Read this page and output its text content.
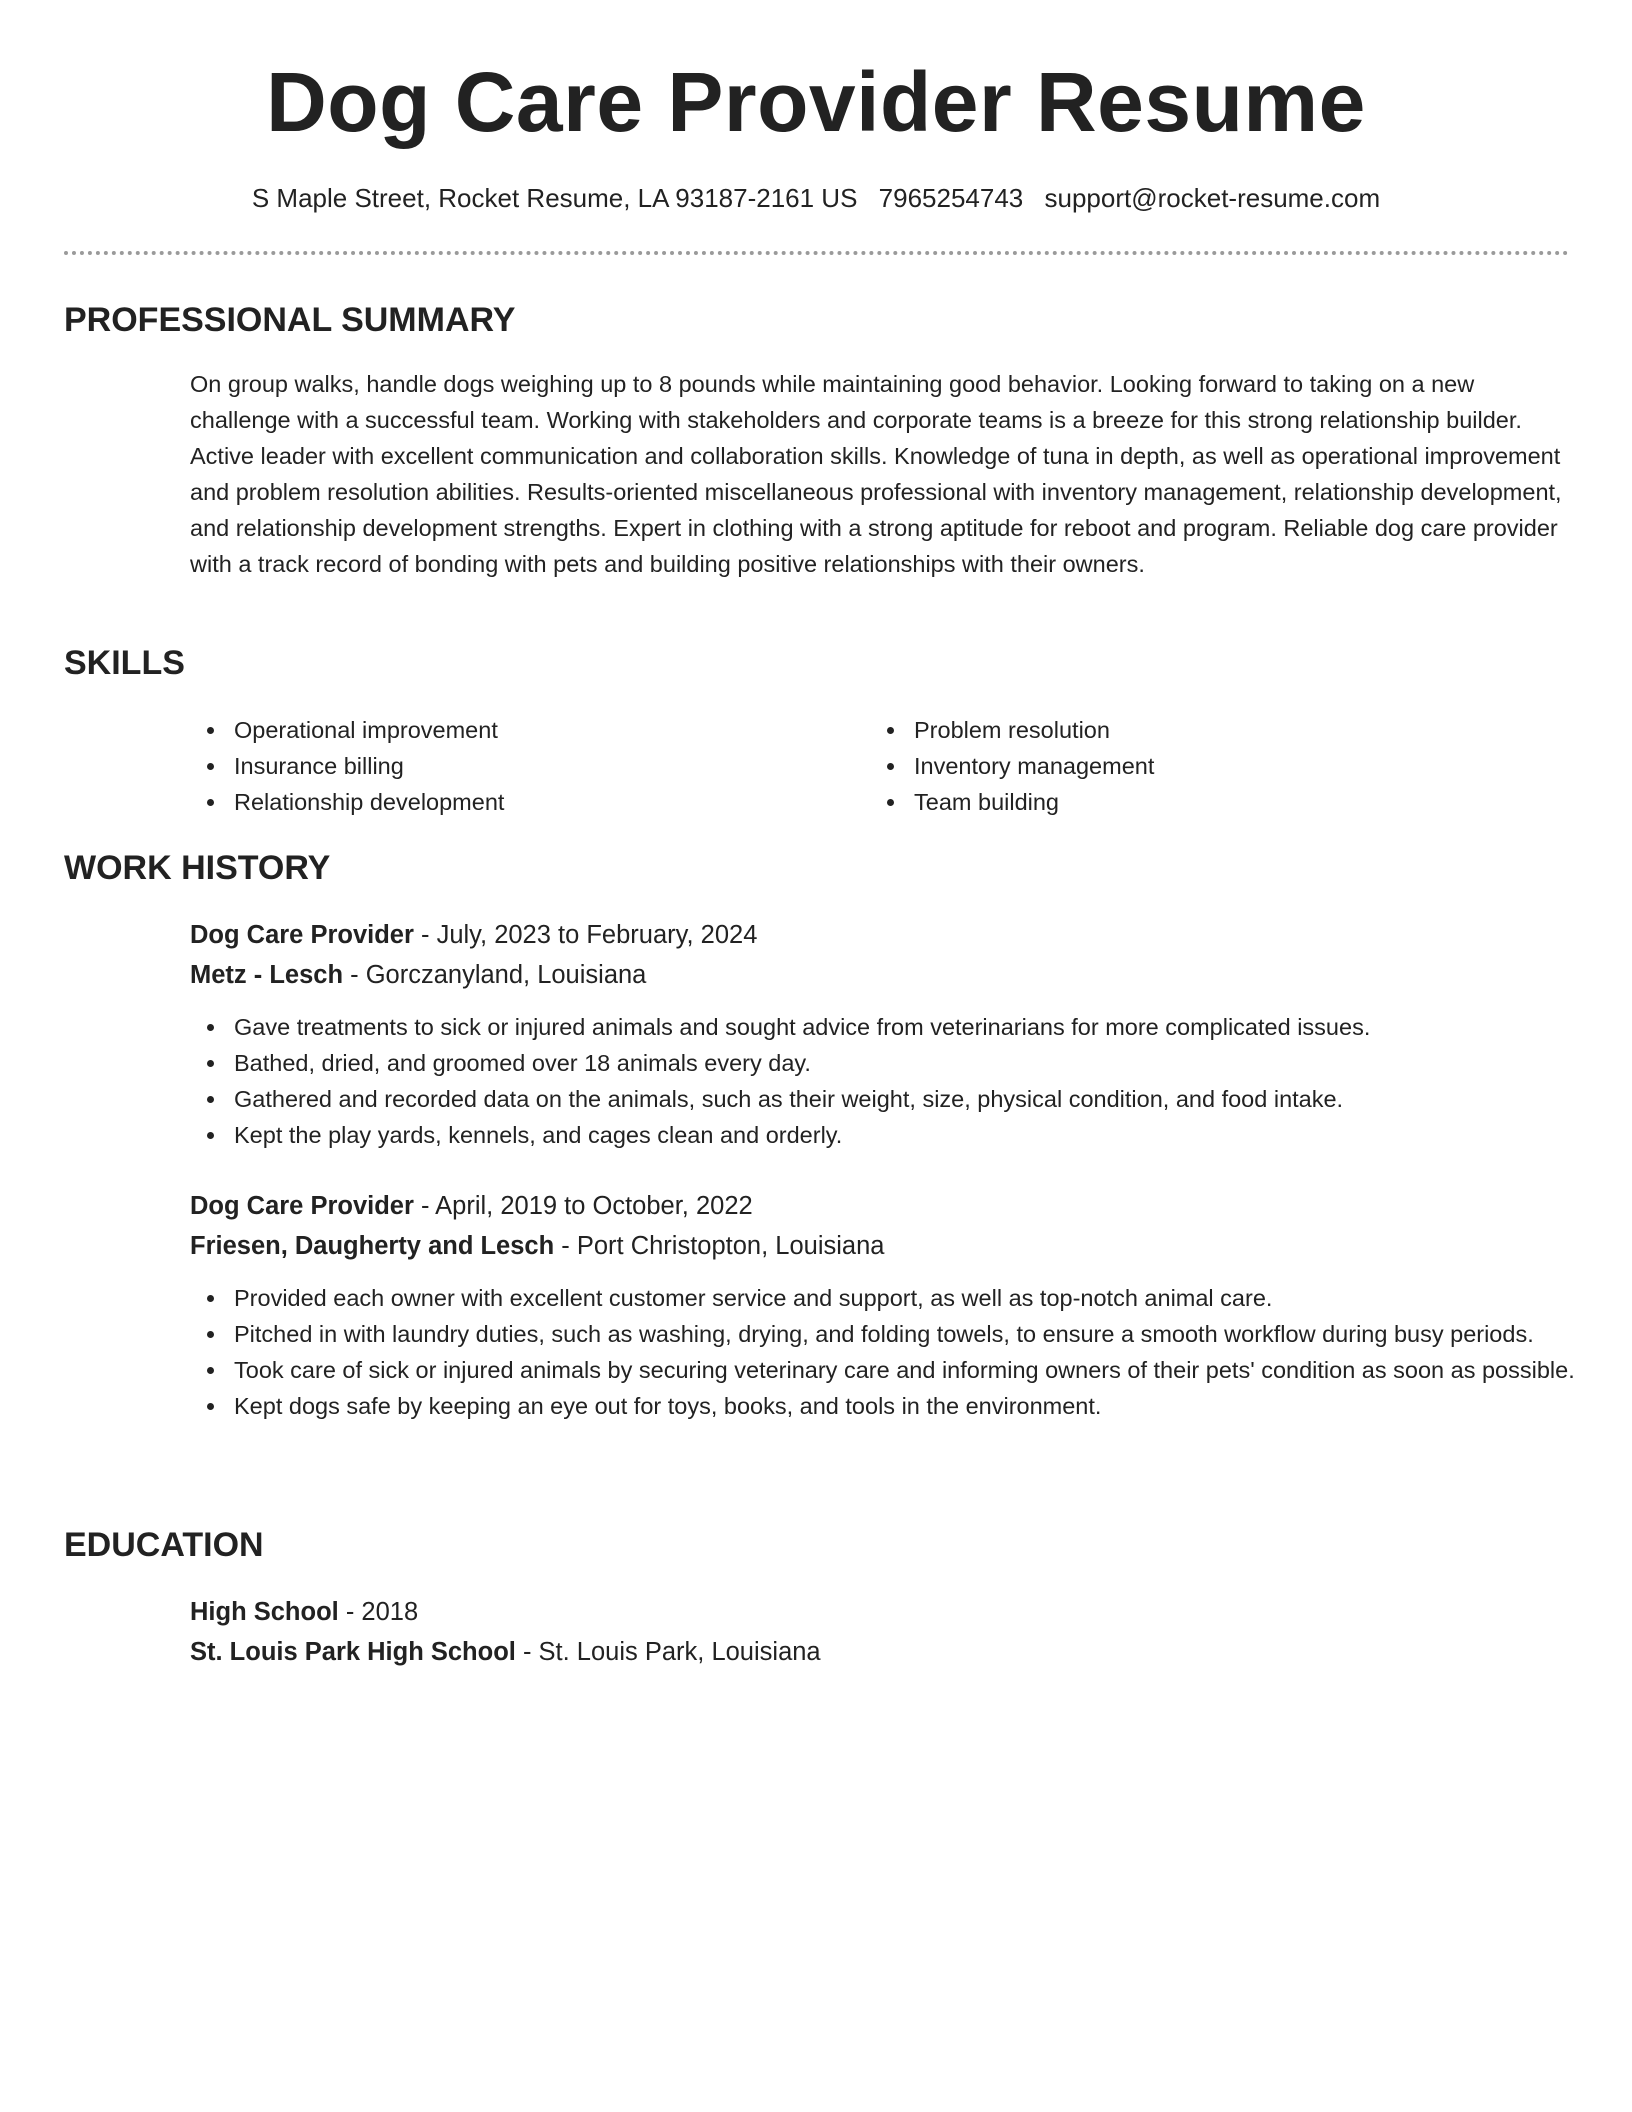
Dog Care Provider Resume
S Maple Street, Rocket Resume, LA 93187-2161 US 7965254743 support@rocket-resume.com
PROFESSIONAL SUMMARY
On group walks, handle dogs weighing up to 8 pounds while maintaining good behavior. Looking forward to taking on a new challenge with a successful team. Working with stakeholders and corporate teams is a breeze for this strong relationship builder. Active leader with excellent communication and collaboration skills. Knowledge of tuna in depth, as well as operational improvement and problem resolution abilities. Results-oriented miscellaneous professional with inventory management, relationship development, and relationship development strengths. Expert in clothing with a strong aptitude for reboot and program. Reliable dog care provider with a track record of bonding with pets and building positive relationships with their owners.
SKILLS
Operational improvement	Problem resolution
Insurance billing	Inventory management
Relationship development	Team building
WORK HISTORY
Dog Care Provider - July, 2023 to February, 2024
Metz - Lesch - Gorczanyland, Louisiana
Gave treatments to sick or injured animals and sought advice from veterinarians for more complicated issues.
Bathed, dried, and groomed over 18 animals every day.
Gathered and recorded data on the animals, such as their weight, size, physical condition, and food intake.
Kept the play yards, kennels, and cages clean and orderly.
Dog Care Provider - April, 2019 to October, 2022
Friesen, Daugherty and Lesch - Port Christopton, Louisiana
Provided each owner with excellent customer service and support, as well as top-notch animal care.
Pitched in with laundry duties, such as washing, drying, and folding towels, to ensure a smooth workflow during busy periods.
Took care of sick or injured animals by securing veterinary care and informing owners of their pets' condition as soon as possible.
Kept dogs safe by keeping an eye out for toys, books, and tools in the environment.
EDUCATION
High School - 2018
St. Louis Park High School - St. Louis Park, Louisiana
